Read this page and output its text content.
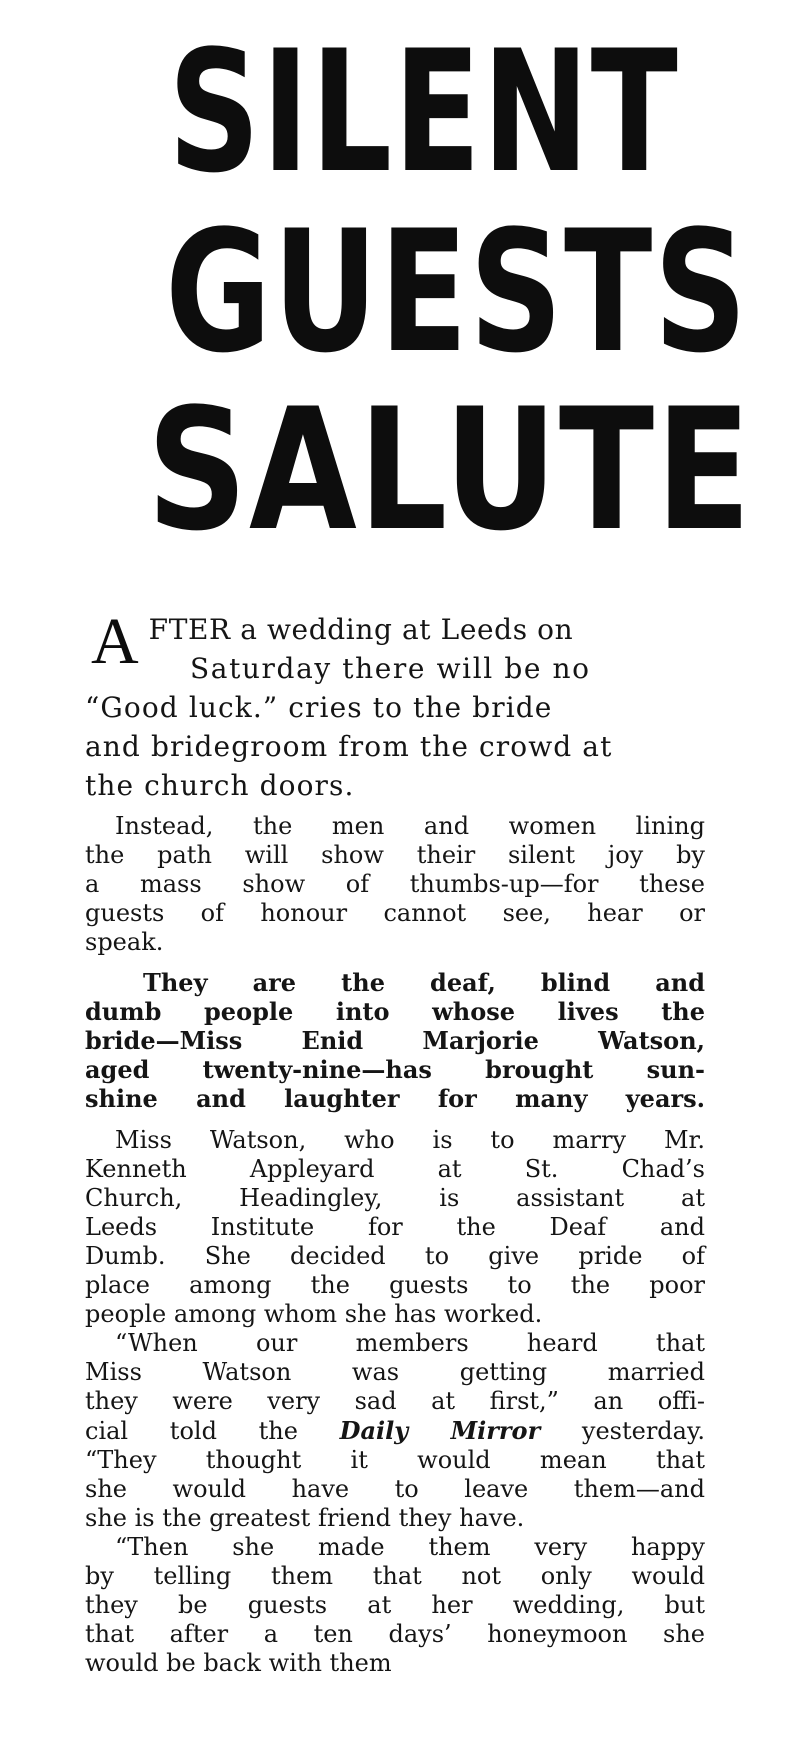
SILENT
GUESTS
SALUTE
A FTER a wedding at Leeds on
Saturday there will be no
“Good luck.” cries to the bride
and bridegroom from the crowd at
the church doors.
Instead, the men and women lining
the path will show their silent joy by
a mass show of thumbs-up—for these
guests of honour cannot see, hear or
speak.
They are the deaf, blind and
dumb people into whose lives the
bride—Miss Enid Marjorie Watson,
aged twenty-nine—has brought sun-
shine and laughter for many years.
Miss Watson, who is to marry Mr.
Kenneth Appleyard at St. Chad’s
Church, Headingley, is assistant at
Leeds Institute for the Deaf and
Dumb. She decided to give pride of
place among the guests to the poor
people among whom she has worked.
“When our members heard that
Miss Watson was getting married
they were very sad at first,” an offi-
cial told the Daily Mirror yesterday.
“They thought it would mean that
she would have to leave them—and
she is the greatest friend they have.
“Then she made them very happy
by telling them that not only would
they be guests at her wedding, but
that after a ten days’ honeymoon she
would be back with them
